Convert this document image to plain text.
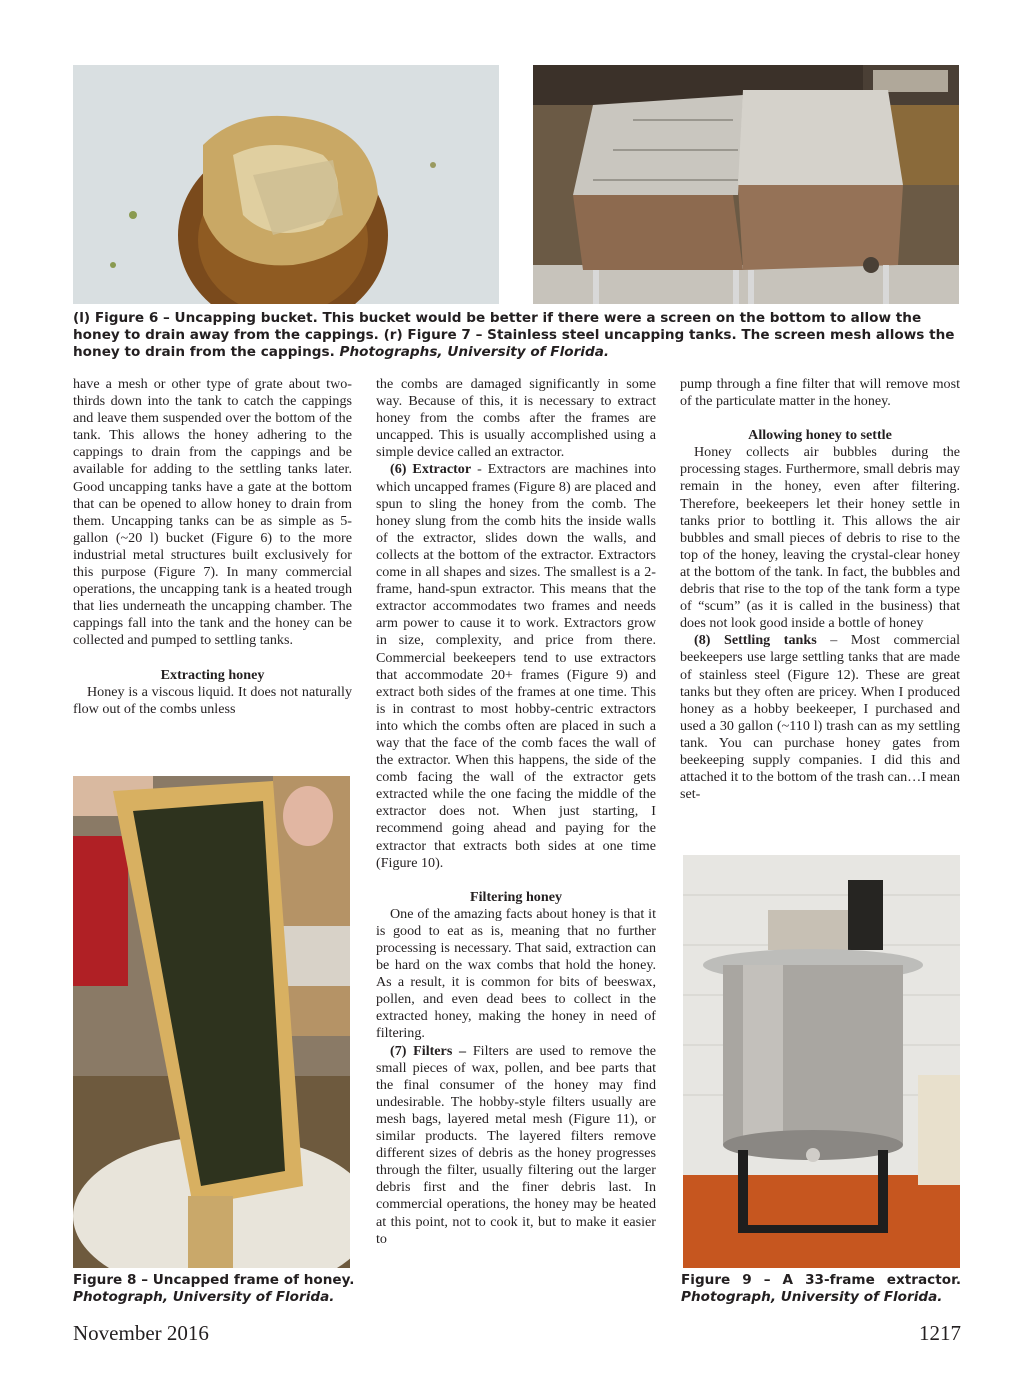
(l) Figure 6 – Uncapping bucket. This bucket would be better if there were a screen on the bottom to allow the honey to drain away from the cappings. (r) Figure 7 – Stainless steel uncapping tanks. The screen mesh allows the honey to drain from the cappings. Photographs, University of Florida.

have a mesh or other type of grate about two-thirds down into the tank to catch the cappings and leave them suspended over the bottom of the tank. This allows the honey adhering to the cappings to drain from the cappings and be available for adding to the settling tanks later. Good uncapping tanks have a gate at the bottom that can be opened to allow honey to drain from them. Uncapping tanks can be as simple as 5-gallon (~20 l) bucket (Figure 6) to the more industrial metal structures built exclusively for this purpose (Figure 7). In many commercial operations, the uncapping tank is a heated trough that lies underneath the uncapping chamber. The cappings fall into the tank and the honey can be collected and pumped to settling tanks.

Extracting honey

Honey is a viscous liquid. It does not naturally flow out of the combs unless

Figure 8 – Uncapped frame of honey.
Photograph, University of Florida.

the combs are damaged significantly in some way. Because of this, it is necessary to extract honey from the combs after the frames are uncapped. This is usually accomplished using a simple device called an extractor.

(6) Extractor - Extractors are machines into which uncapped frames (Figure 8) are placed and spun to sling the honey from the comb. The honey slung from the comb hits the inside walls of the extractor, slides down the walls, and collects at the bottom of the extractor. Extractors come in all shapes and sizes. The smallest is a 2-frame, hand-spun extractor. This means that the extractor accommodates two frames and needs arm power to cause it to work. Extractors grow in size, complexity, and price from there. Commercial beekeepers tend to use extractors that accommodate 20+ frames (Figure 9) and extract both sides of the frames at one time. This is in contrast to most hobby-centric extractors into which the combs often are placed in such a way that the face of the comb faces the wall of the extractor. When this happens, the side of the comb facing the wall of the extractor gets extracted while the one facing the middle of the extractor does not. When just starting, I recommend going ahead and paying for the extractor that extracts both sides at one time (Figure 10).

Filtering honey

One of the amazing facts about honey is that it is good to eat as is, meaning that no further processing is necessary. That said, extraction can be hard on the wax combs that hold the honey. As a result, it is common for bits of beeswax, pollen, and even dead bees to collect in the extracted honey, making the honey in need of filtering.

(7) Filters – Filters are used to remove the small pieces of wax, pollen, and bee parts that the final consumer of the honey may find undesirable. The hobby-style filters usually are mesh bags, layered metal mesh (Figure 11), or similar products. The layered filters remove different sizes of debris as the honey progresses through the filter, usually filtering out the larger debris first and the finer debris last. In commercial operations, the honey may be heated at this point, not to cook it, but to make it easier to

pump through a fine filter that will remove most of the particulate matter in the honey.

Allowing honey to settle

Honey collects air bubbles during the processing stages. Furthermore, small debris may remain in the honey, even after filtering. Therefore, beekeepers let their honey settle in tanks prior to bottling it. This allows the air bubbles and small pieces of debris to rise to the top of the honey, leaving the crystal-clear honey at the bottom of the tank. In fact, the bubbles and debris that rise to the top of the tank form a type of “scum” (as it is called in the business) that does not look good inside a bottle of honey

(8) Settling tanks – Most commercial beekeepers use large settling tanks that are made of stainless steel (Figure 12). These are great tanks but they often are pricey. When I produced honey as a hobby beekeeper, I purchased and used a 30 gallon (~110 l) trash can as my settling tank. You can purchase honey gates from beekeeping supply companies. I did this and attached it to the bottom of the trash can…I mean set-

Figure 9 – A 33-frame extractor.
Photograph, University of Florida.
November 2016	1217
